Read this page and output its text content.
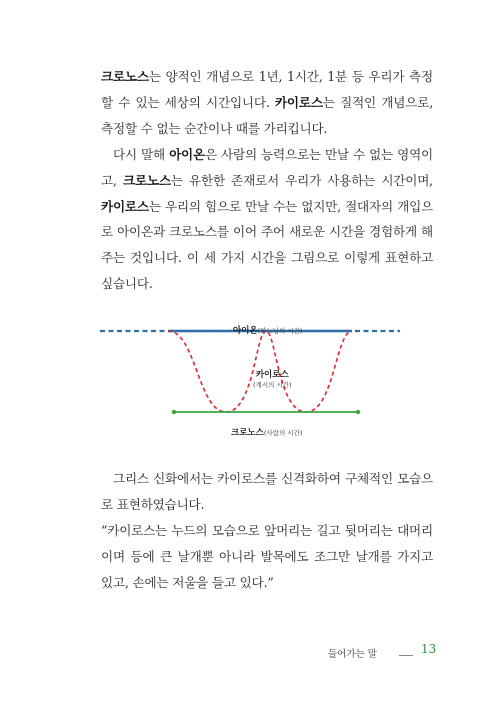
크로노스는 양적인 개념으로 1년, 1시간, 1분 등 우리가 측정할 수 있는 세상의 시간입니다. 카이로스는 질적인 개념으로, 측정할 수 없는 순간이나 때를 가리킵니다.

다시 말해 아이온은 사람의 능력으로는 만날 수 없는 영역이고, 크로노스는 유한한 존재로서 우리가 사용하는 시간이며, 카이로스는 우리의 힘으로 만날 수는 없지만, 절대자의 개입으로 아이온과 크로노스를 이어 주어 새로운 시간을 경험하게 해 주는 것입니다. 이 세 가지 시간을 그림으로 이렇게 표현하고 싶습니다.

아이온(하느님의 시간)
카이로스
(계시의 시간)
크로노스(사람의 시간)

그리스 신화에서는 카이로스를 신격화하여 구체적인 모습으로 표현하였습니다.

“카이로스는 누드의 모습으로 앞머리는 길고 뒷머리는 대머리이며 등에 큰 날개뿐 아니라 발목에도 조그만 날개를 가지고 있고, 손에는 저울을 들고 있다.”

들어가는 말	13
